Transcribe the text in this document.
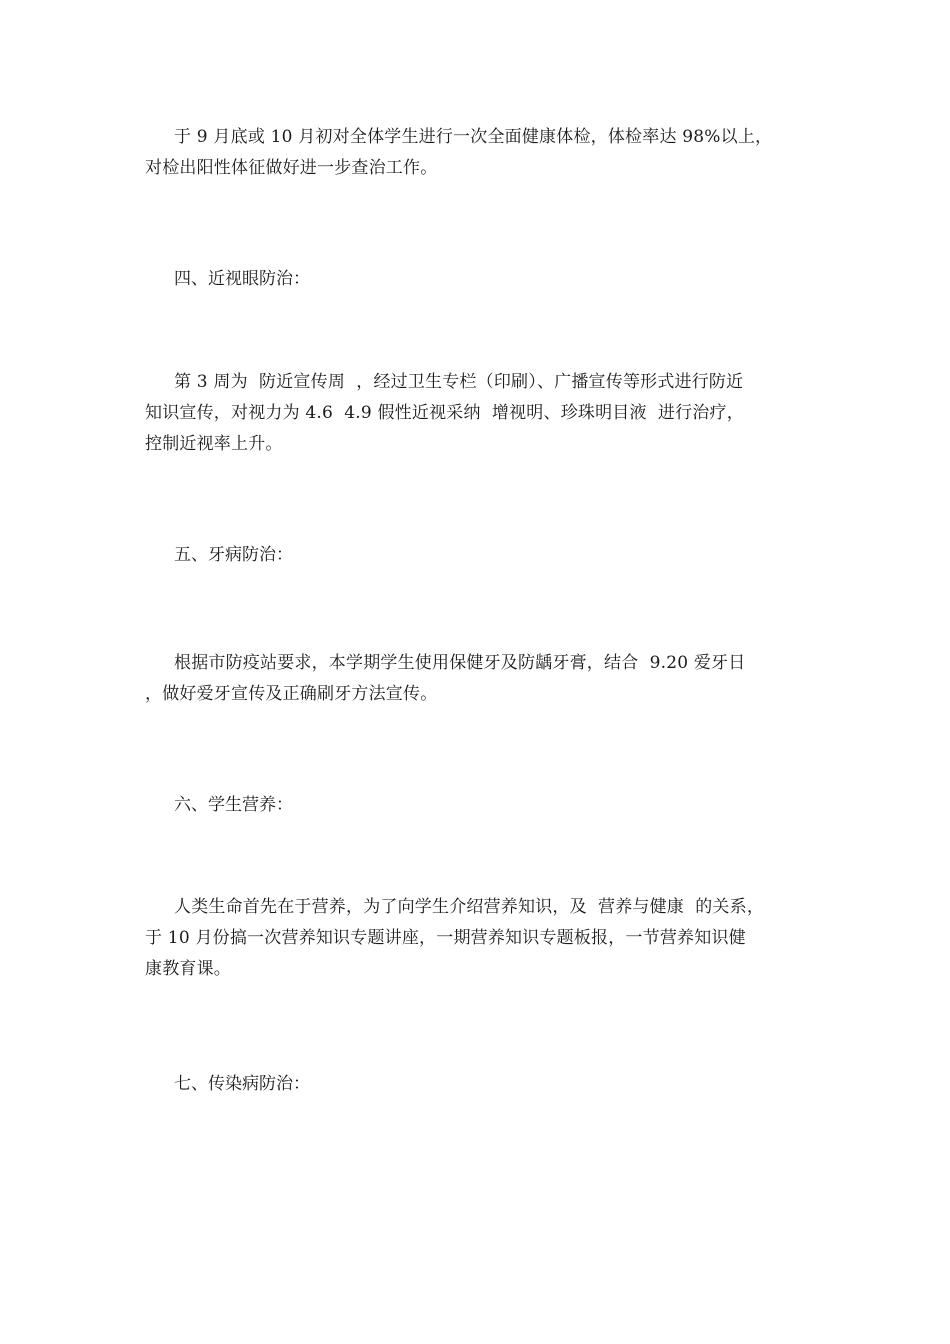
于 9 月底或 10 月初对全体学生进行一次全面健康体检，体检率达 98%以上，
对检出阳性体征做好进一步查治工作。
四、近视眼防治：
第 3 周为  防近宣传周  ，经过卫生专栏（印刷）、广播宣传等形式进行防近
知识宣传，对视力为 4.6  4.9 假性近视采纳  增视明、珍珠明目液  进行治疗，
控制近视率上升。
五、牙病防治：
根据市防疫站要求，本学期学生使用保健牙及防龋牙膏，结合  9.20 爱牙日
，做好爱牙宣传及正确刷牙方法宣传。
六、学生营养：
人类生命首先在于营养，为了向学生介绍营养知识，及  营养与健康  的关系，
于 10 月份搞一次营养知识专题讲座，一期营养知识专题板报，一节营养知识健
康教育课。
七、传染病防治：
